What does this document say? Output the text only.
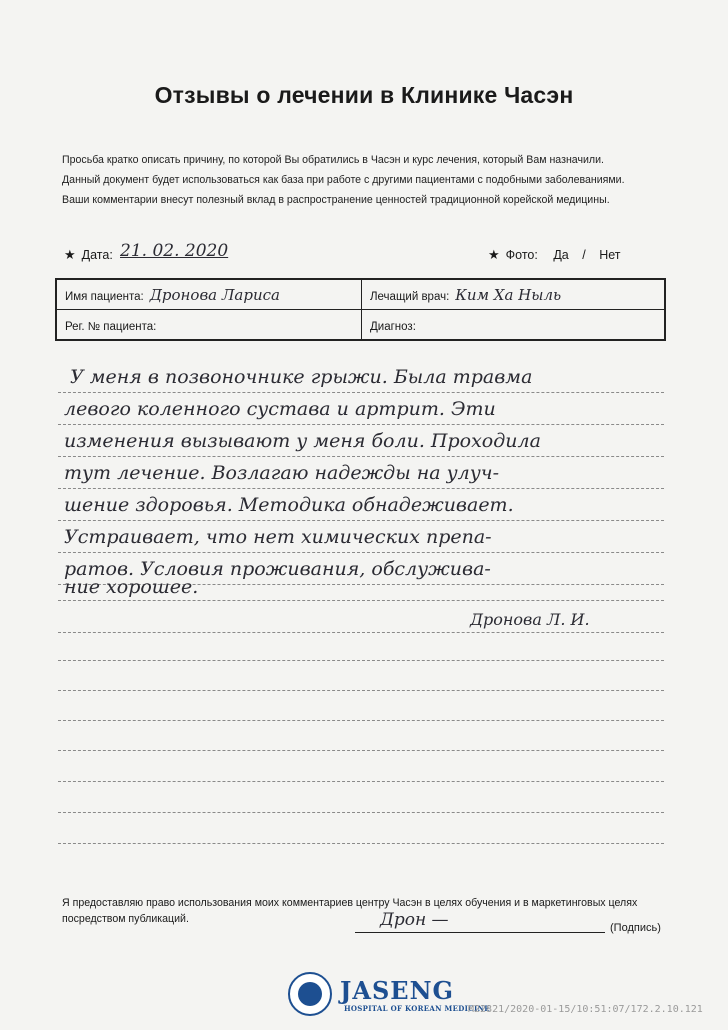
Отзывы о лечении в Клинике Часэн
Просьба кратко описать причину, по которой Вы обратились в Часэн и курс лечения, который Вам назначили.
Данный документ будет использоваться как база при работе с другими пациентами с подобными заболеваниями.
Ваши комментарии внесут полезный вклад в распространение ценностей традиционной корейской медицины.
★ Дата: 21. 02. 2020	★ Фото: Да / Нет
Имя пациента: Дронова Лариса	Лечащий врач: Ким Ха Ныль
Рег. № пациента:	Диагноз:
У меня в позвоночнике грыжи. Была травма
левого коленного сустава и артрит. Эти
изменения вызывают у меня боли. Проходила
тут лечение. Возлагаю надежды на улуч-
шение здоровья. Методика обнадеживает.
Устраивает, что нет химических препа-
ратов. Условия проживания, обслужива-
ние хорошее.
Дронова Л. И.
Я предоставляю право использования моих комментариев центру Часэн в целях обучения и в маркетинговых целях посредством публикаций.	Дрон —	(Подпись)
JASENG
HOSPITAL OF KOREAN MEDICINE
M22821/2020-01-15/10:51:07/172.2.10.121
